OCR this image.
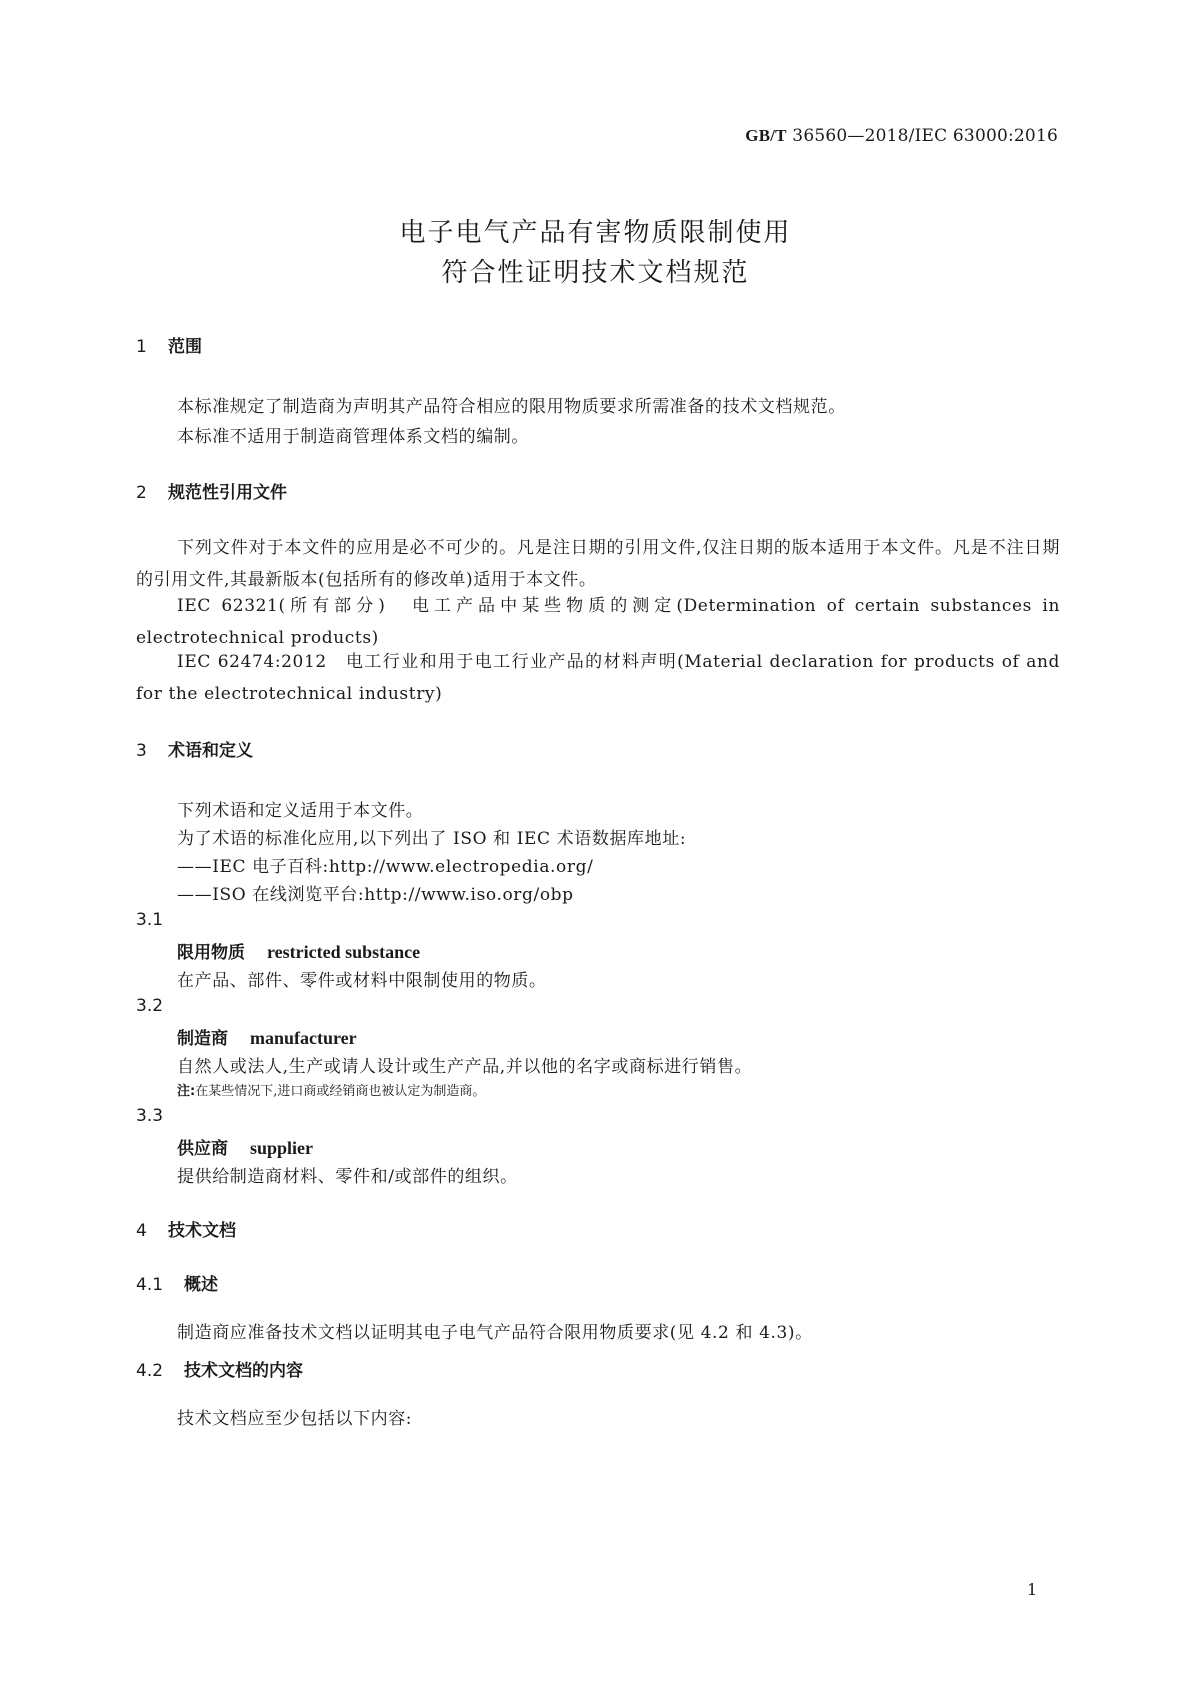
GB/T 36560—2018/IEC 63000:2016
电子电气产品有害物质限制使用
符合性证明技术文档规范
1 范围
本标准规定了制造商为声明其产品符合相应的限用物质要求所需准备的技术文档规范。
本标准不适用于制造商管理体系文档的编制。
2 规范性引用文件
下列文件对于本文件的应用是必不可少的。凡是注日期的引用文件,仅注日期的版本适用于本文件。凡是不注日期的引用文件,其最新版本(包括所有的修改单)适用于本文件。
IEC 62321(所有部分)　电工产品中某些物质的测定(Determination of certain substances in electrotechnical products)
IEC 62474:2012　电工行业和用于电工行业产品的材料声明(Material declaration for products of and for the electrotechnical industry)
3 术语和定义
下列术语和定义适用于本文件。
为了术语的标准化应用,以下列出了 ISO 和 IEC 术语数据库地址:
——IEC 电子百科:http://www.electropedia.org/
——ISO 在线浏览平台:http://www.iso.org/obp
3.1
限用物质 restricted substance
在产品、部件、零件或材料中限制使用的物质。
3.2
制造商 manufacturer
自然人或法人,生产或请人设计或生产产品,并以他的名字或商标进行销售。
注:在某些情况下,进口商或经销商也被认定为制造商。
3.3
供应商 supplier
提供给制造商材料、零件和/或部件的组织。
4 技术文档
4.1 概述
制造商应准备技术文档以证明其电子电气产品符合限用物质要求(见 4.2 和 4.3)。
4.2 技术文档的内容
技术文档应至少包括以下内容:
1
